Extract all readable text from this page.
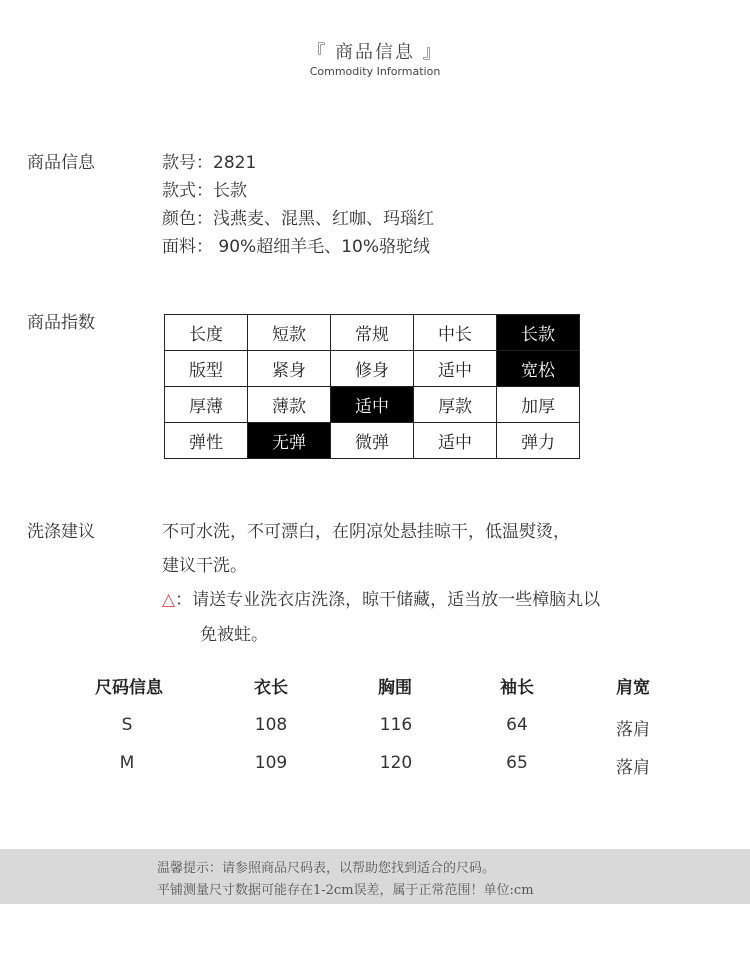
『 商品信息 』
Commodity Information
商品信息	款号：2821
款式：长款
颜色：浅燕麦、混黑、红咖、玛瑙红
面料： 90%超细羊毛、10%骆驼绒
商品指数
长度	短款	常规	中长	长款
版型	紧身	修身	适中	宽松
厚薄	薄款	适中	厚款	加厚
弹性	无弹	微弹	适中	弹力
洗涤建议	不可水洗，不可漂白，在阴凉处悬挂晾干，低温熨烫，
建议干洗。
△：请送专业洗衣店洗涤，晾干储藏，适当放一些樟脑丸以
免被蛀。
尺码信息	衣长	胸围	袖长	肩宽
S	108	116	64	落肩
M	109	120	65	落肩
温馨提示：请参照商品尺码表，以帮助您找到适合的尺码。
平铺测量尺寸数据可能存在1-2cm误差，属于正常范围！单位:cm
